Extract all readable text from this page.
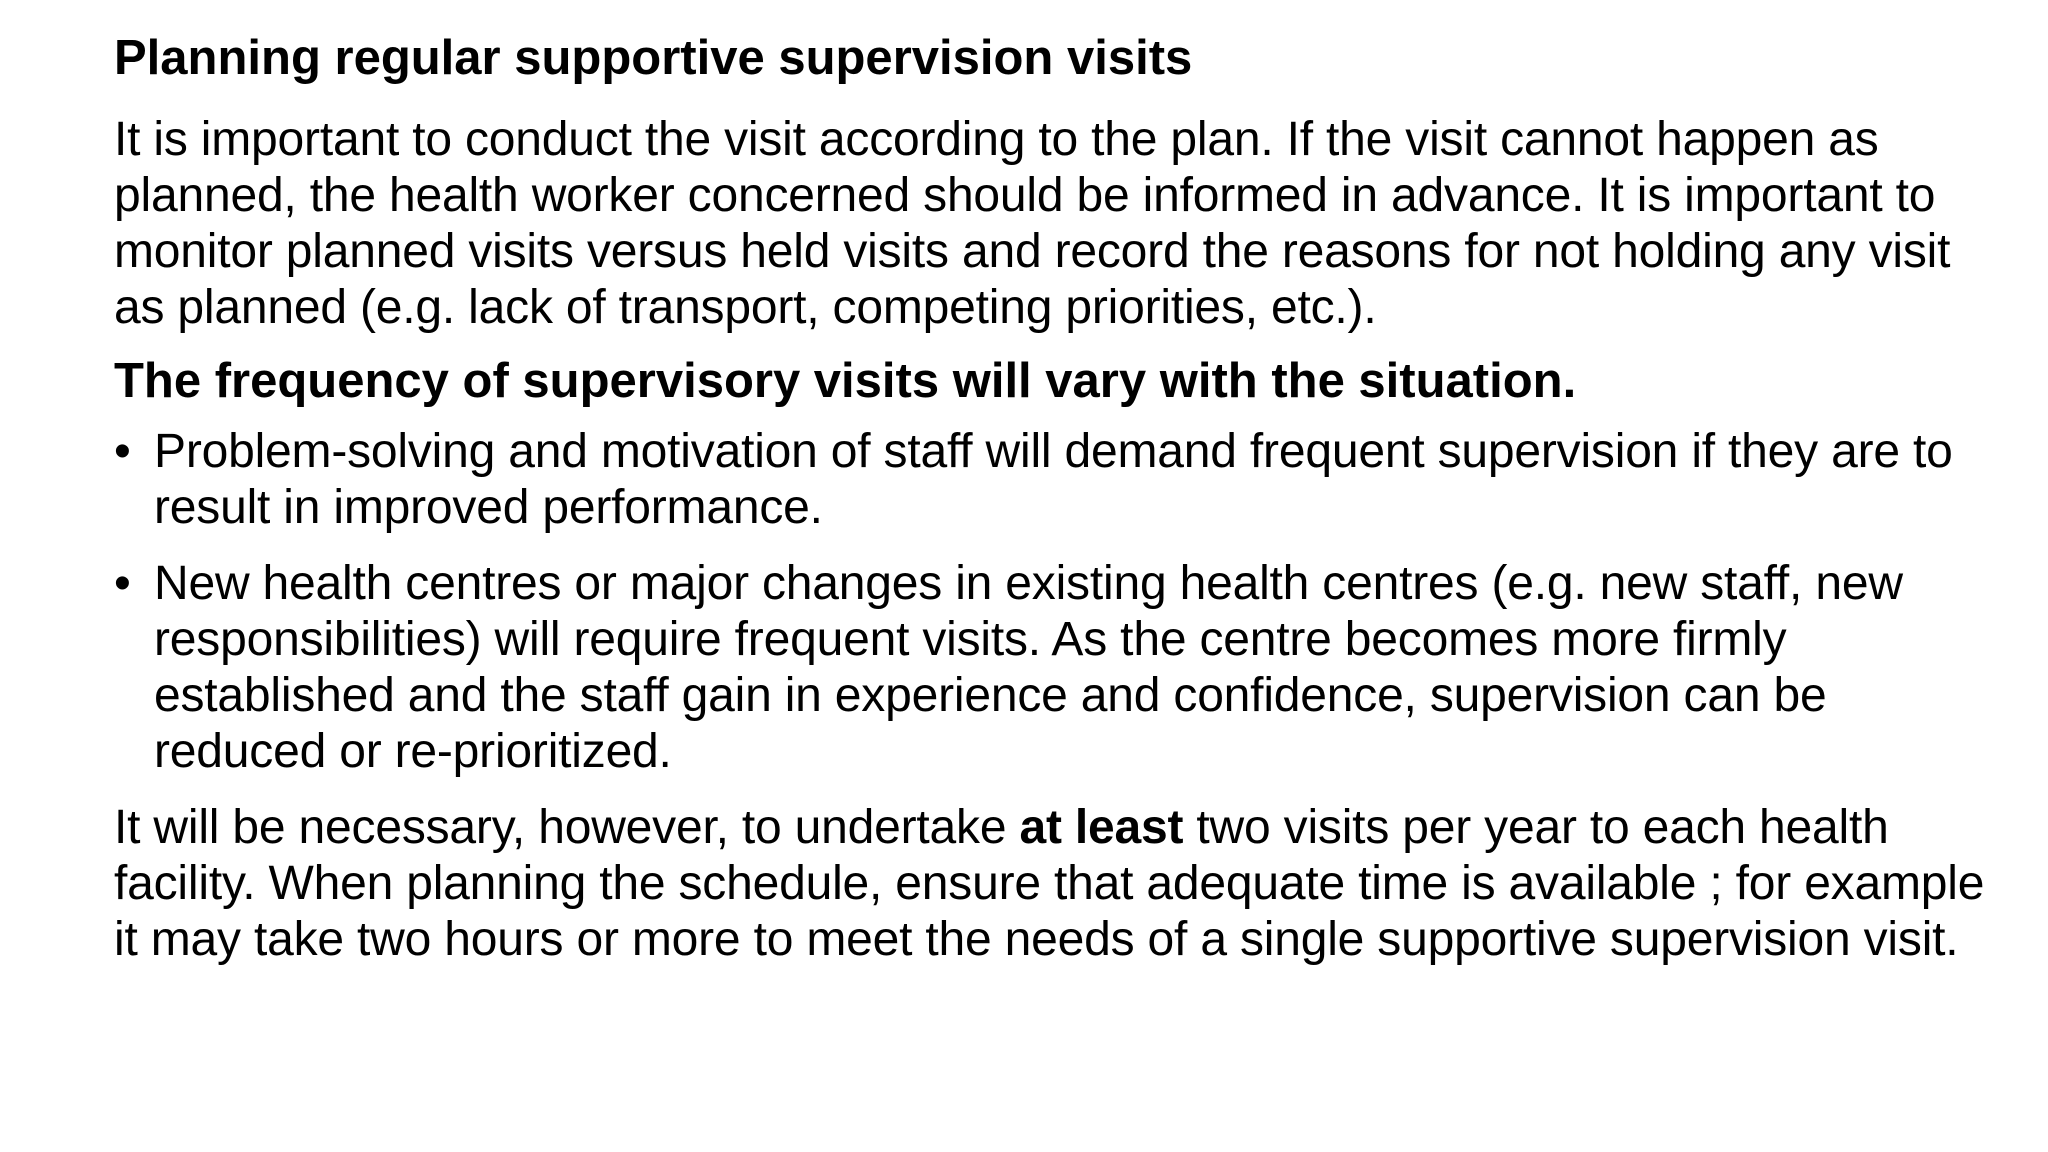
Planning regular supportive supervision visits

It is important to conduct the visit according to the plan. If the visit cannot happen as planned, the health worker concerned should be informed in advance. It is important to monitor planned visits versus held visits and record the reasons for not holding any visit as planned (e.g. lack of transport, competing priorities, etc.).

The frequency of supervisory visits will vary with the situation.
• Problem-solving and motivation of staff will demand frequent supervision if they are to result in improved performance.
• New health centres or major changes in existing health centres (e.g. new staff, new responsibilities) will require frequent visits. As the centre becomes more firmly established and the staff gain in experience and confidence, supervision can be reduced or re-prioritized.

It will be necessary, however, to undertake at least two visits per year to each health facility. When planning the schedule, ensure that adequate time is available ; for example it may take two hours or more to meet the needs of a single supportive supervision visit.
